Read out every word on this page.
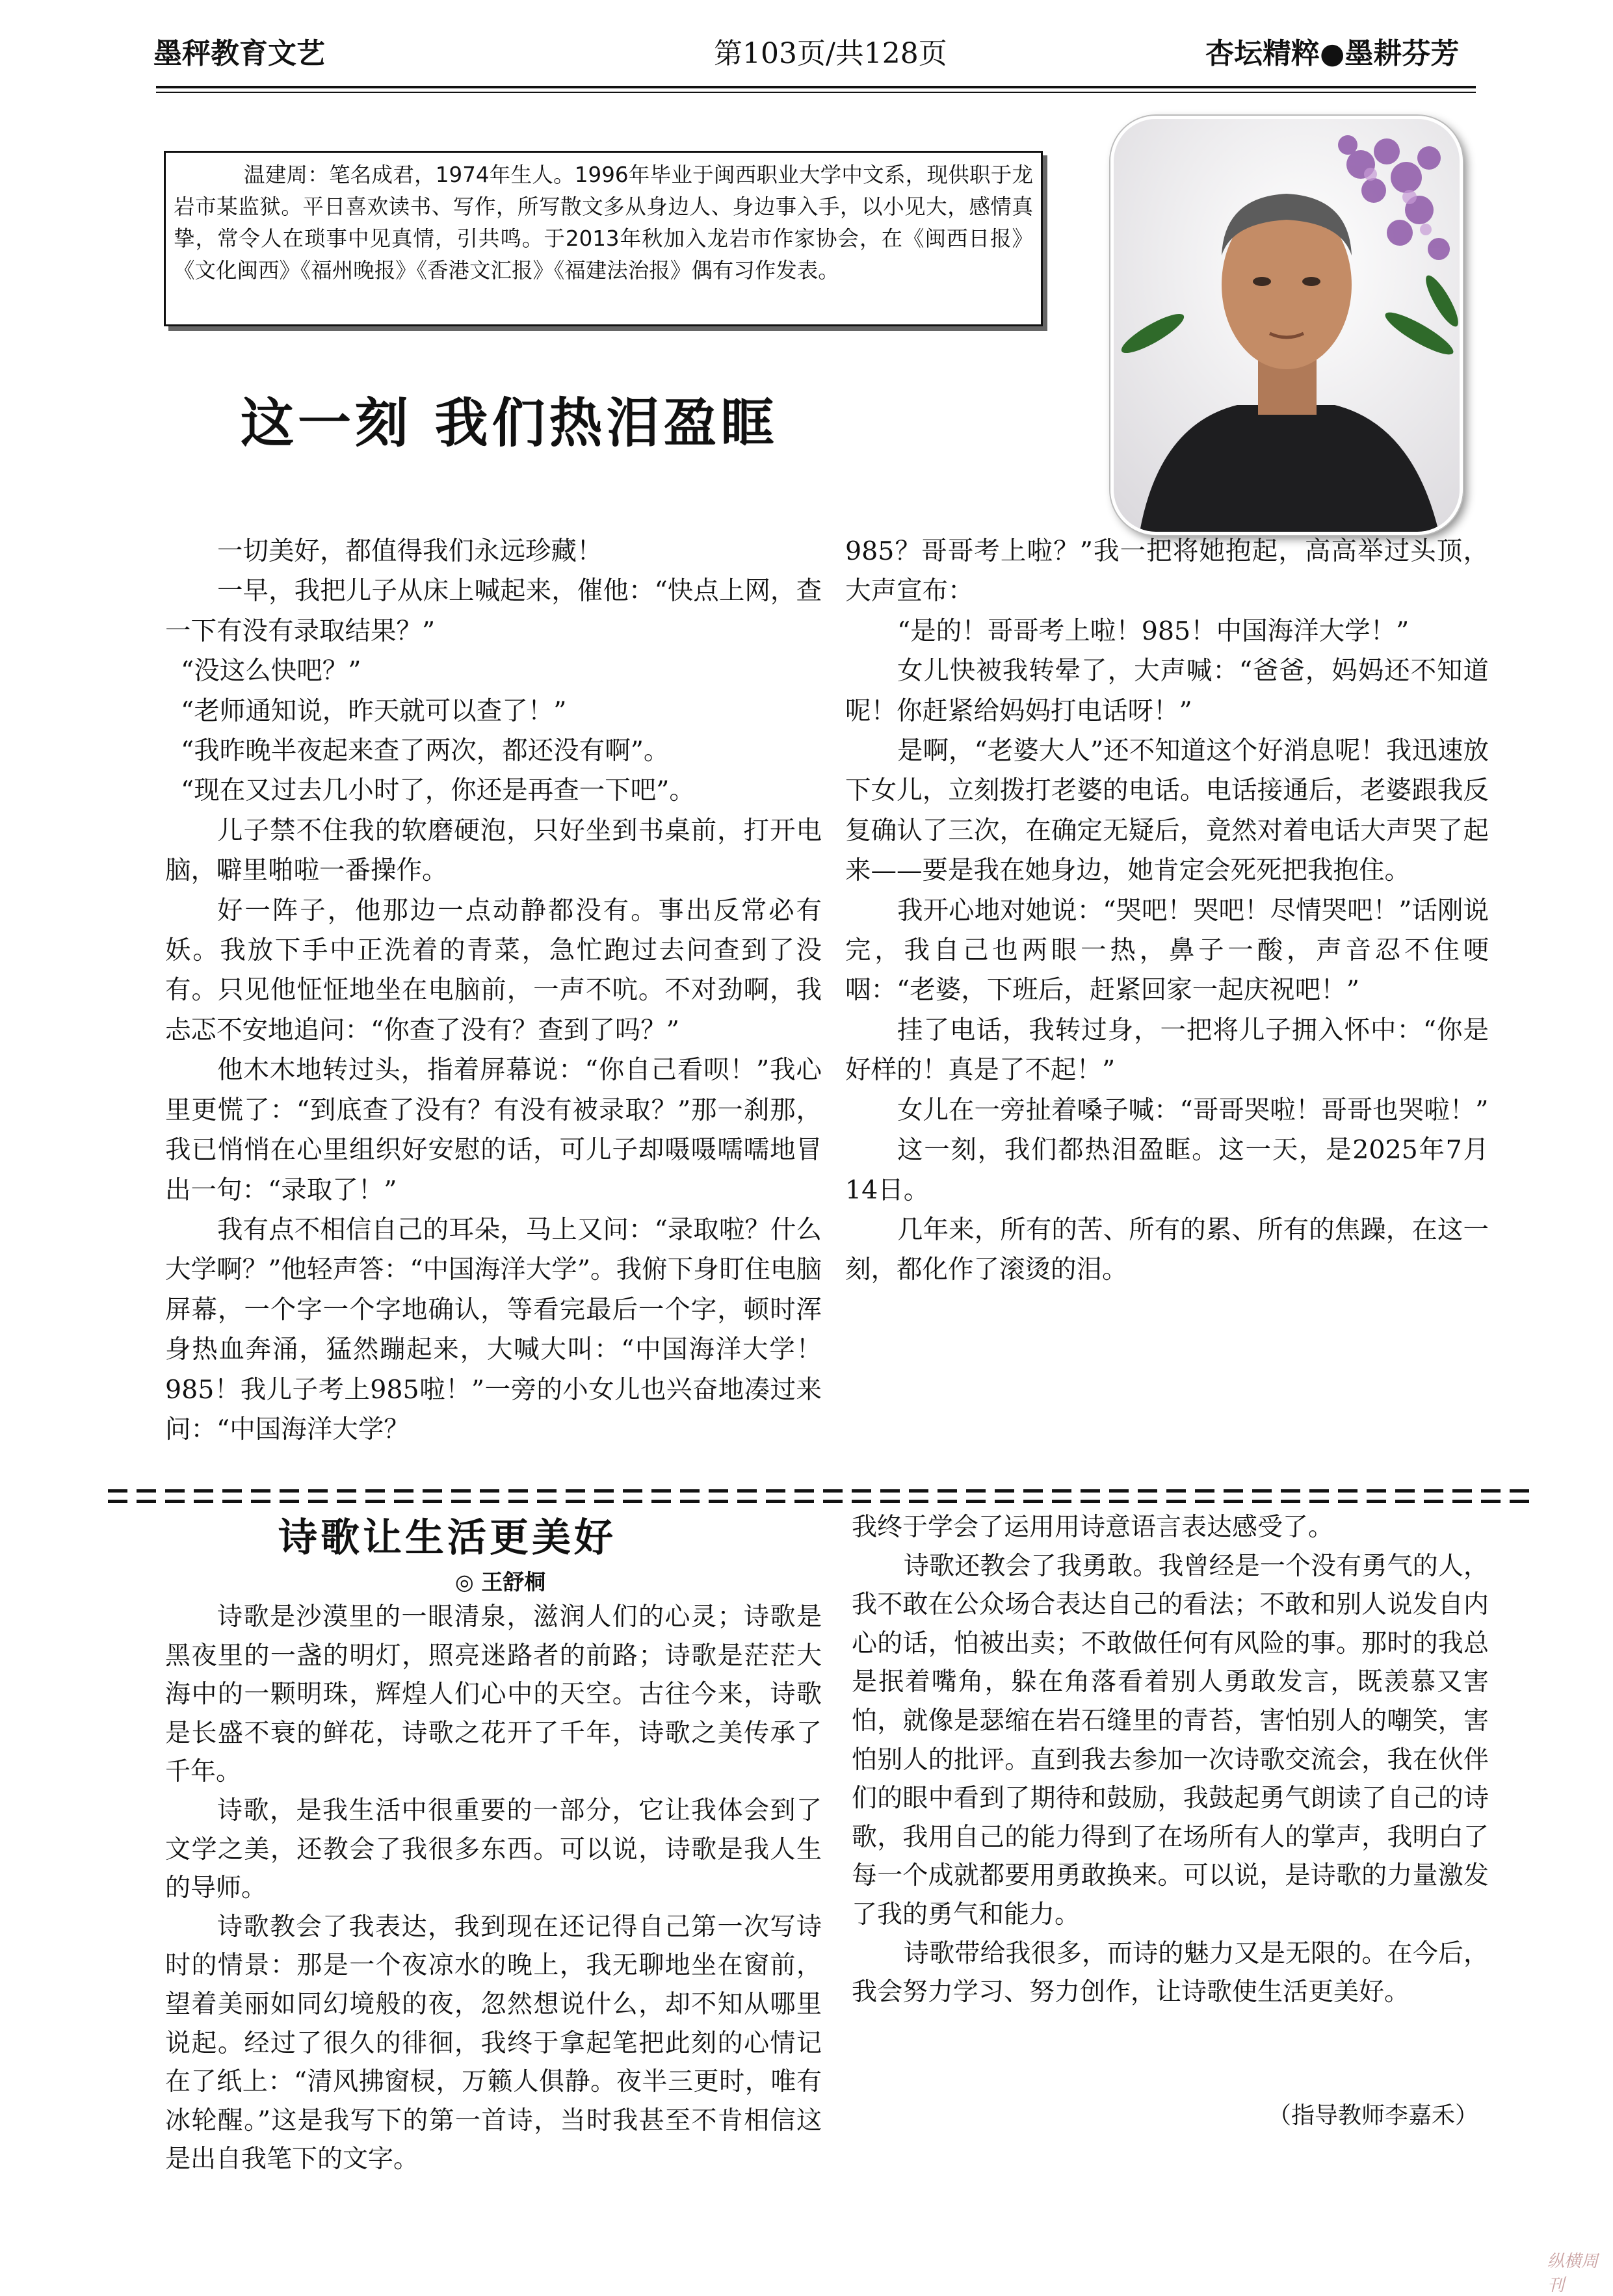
墨秤教育文艺	第103页/共128页	杏坛精粹●墨耕芬芳

温建周：笔名成君，1974年生人。1996年毕业于闽西职业大学中文系，现供职于龙岩市某监狱。平日喜欢读书、写作，所写散文多从身边人、身边事入手，以小见大，感情真挚，常令人在琐事中见真情，引共鸣。于2013年秋加入龙岩市作家协会，在《闽西日报》《文化闽西》《福州晚报》《香港文汇报》《福建法治报》偶有习作发表。

这一刻 我们热泪盈眶

一切美好，都值得我们永远珍藏！

一早，我把儿子从床上喊起来，催他：“快点上网，查一下有没有录取结果？”

“没这么快吧？”

“老师通知说，昨天就可以查了！”

“我昨晚半夜起来查了两次，都还没有啊”。

“现在又过去几小时了，你还是再查一下吧”。

儿子禁不住我的软磨硬泡，只好坐到书桌前，打开电脑，噼里啪啦一番操作。

好一阵子，他那边一点动静都没有。事出反常必有妖。我放下手中正洗着的青菜，急忙跑过去问查到了没有。只见他怔怔地坐在电脑前，一声不吭。不对劲啊，我忐忑不安地追问：“你查了没有？查到了吗？”

他木木地转过头，指着屏幕说：“你自己看呗！”我心里更慌了：“到底查了没有？有没有被录取？”那一刹那，我已悄悄在心里组织好安慰的话，可儿子却嗫嗫嚅嚅地冒出一句：“录取了！”

我有点不相信自己的耳朵，马上又问：“录取啦？什么大学啊？”他轻声答：“中国海洋大学”。我俯下身盯住电脑屏幕，一个字一个字地确认，等看完最后一个字，顿时浑身热血奔涌，猛然蹦起来，大喊大叫：“中国海洋大学！985！我儿子考上985啦！”一旁的小女儿也兴奋地凑过来问：“中国海洋大学？

985？哥哥考上啦？”我一把将她抱起，高高举过头顶，大声宣布：

“是的！哥哥考上啦！985！中国海洋大学！”

女儿快被我转晕了，大声喊：“爸爸，妈妈还不知道呢！你赶紧给妈妈打电话呀！”

是啊，“老婆大人”还不知道这个好消息呢！我迅速放下女儿，立刻拨打老婆的电话。电话接通后，老婆跟我反复确认了三次，在确定无疑后，竟然对着电话大声哭了起来——要是我在她身边，她肯定会死死把我抱住。

我开心地对她说：“哭吧！哭吧！尽情哭吧！”话刚说完，我自己也两眼一热，鼻子一酸，声音忍不住哽咽：“老婆，下班后，赶紧回家一起庆祝吧！”

挂了电话，我转过身，一把将儿子拥入怀中：“你是好样的！真是了不起！”

女儿在一旁扯着嗓子喊：“哥哥哭啦！哥哥也哭啦！”

这一刻，我们都热泪盈眶。这一天，是2025年7月14日。

几年来，所有的苦、所有的累、所有的焦躁，在这一刻，都化作了滚烫的泪。

诗歌让生活更美好
◎ 王舒桐

诗歌是沙漠里的一眼清泉，滋润人们的心灵；诗歌是黑夜里的一盏的明灯，照亮迷路者的前路；诗歌是茫茫大海中的一颗明珠，辉煌人们心中的天空。古往今来，诗歌是长盛不衰的鲜花，诗歌之花开了千年，诗歌之美传承了千年。

诗歌，是我生活中很重要的一部分，它让我体会到了文学之美，还教会了我很多东西。可以说，诗歌是我人生的导师。

诗歌教会了我表达，我到现在还记得自己第一次写诗时的情景：那是一个夜凉水的晚上，我无聊地坐在窗前，望着美丽如同幻境般的夜，忽然想说什么，却不知从哪里说起。经过了很久的徘徊，我终于拿起笔把此刻的心情记在了纸上：“清风拂窗棂，万籁人俱静。夜半三更时，唯有冰轮醒。”这是我写下的第一首诗，当时我甚至不肯相信这是出自我笔下的文字。

我终于学会了运用用诗意语言表达感受了。

诗歌还教会了我勇敢。我曾经是一个没有勇气的人，我不敢在公众场合表达自己的看法；不敢和别人说发自内心的话，怕被出卖；不敢做任何有风险的事。那时的我总是抿着嘴角，躲在角落看着别人勇敢发言，既羡慕又害怕，就像是瑟缩在岩石缝里的青苔，害怕别人的嘲笑，害怕别人的批评。直到我去参加一次诗歌交流会，我在伙伴们的眼中看到了期待和鼓励，我鼓起勇气朗读了自己的诗歌，我用自己的能力得到了在场所有人的掌声，我明白了每一个成就都要用勇敢换来。可以说，是诗歌的力量激发了我的勇气和能力。

诗歌带给我很多，而诗的魅力又是无限的。在今后，我会努力学习、努力创作，让诗歌使生活更美好。

（指导教师李嘉禾）
纵横周刊
